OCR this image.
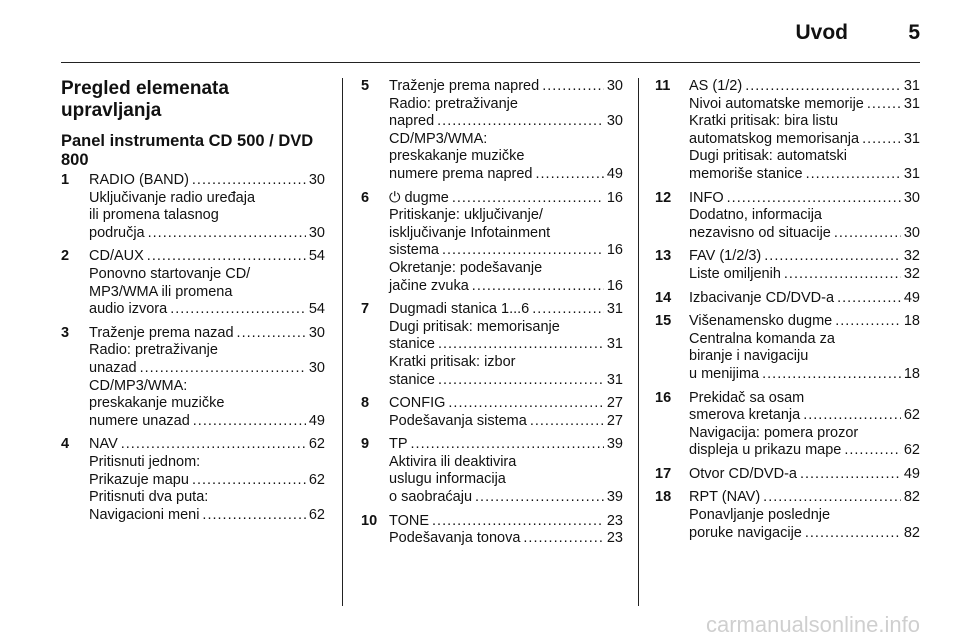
Uvod	5
Pregled elemenata upravljanja
Panel instrumenta CD 500 / DVD 800
1 RADIO (BAND) .....	30
Uključivanje radio uređaja
ili promena talasnog
područja .....	30
2 CD/AUX .....	54
Ponovno startovanje CD/
MP3/WMA ili promena
audio izvora .....	54
3 Traženje prema nazad .....	30
Radio: pretraživanje
unazad .....	30
CD/MP3/WMA:
preskakanje muzičke
numere unazad .....	49
4 NAV .....	62
Pritisnuti jednom:
Prikazuje mapu .....	62
Pritisnuti dva puta:
Navigacioni meni .....	62
5 Traženje prema napred .....	30
Radio: pretraživanje
napred .....	30
CD/MP3/WMA:
preskakanje muzičke
numere prema napred .....	49
6 ⏻ dugme .....	16
Pritiskanje: uključivanje/
isključivanje Infotainment
sistema .....	16
Okretanje: podešavanje
jačine zvuka .....	16
7 Dugmadi stanica 1...6 .....	31
Dugi pritisak: memorisanje
stanice .....	31
Kratki pritisak: izbor
stanice .....	31
8 CONFIG .....	27
Podešavanja sistema .....	27
9 TP .....	39
Aktivira ili deaktivira
uslugu informacija
o saobraćaju .....	39
10 TONE .....	23
Podešavanja tonova .....	23
11 AS (1/2) .....	31
Nivoi automatske memorije .....	31
Kratki pritisak: bira listu
automatskog memorisanja .....	31
Dugi pritisak: automatski
memoriše stanice .....	31
12 INFO .....	30
Dodatno, informacija
nezavisno od situacije .....	30
13 FAV (1/2/3) .....	32
Liste omiljenih .....	32
14 Izbacivanje CD/DVD-a .....	49
15 Višenamensko dugme .....	18
Centralna komanda za
biranje i navigaciju
u menijima .....	18
16 Prekidač sa osam
smerova kretanja .....	62
Navigacija: pomera prozor
displeja u prikazu mape .....	62
17 Otvor CD/DVD-a .....	49
18 RPT (NAV) .....	82
Ponavljanje poslednje
poruke navigacije .....	82
carmanualsonline.info
